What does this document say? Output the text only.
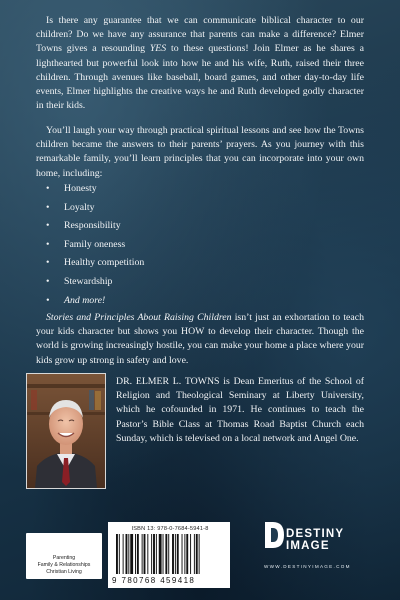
Is there any guarantee that we can communicate biblical character to our children? Do we have any assurance that parents can make a difference? Elmer Towns gives a resounding YES to these questions! Join Elmer as he shares a lighthearted but powerful look into how he and his wife, Ruth, raised their three children. Through avenues like baseball, board games, and other day-to-day life events, Elmer highlights the creative ways he and Ruth developed godly character in their kids.

You’ll laugh your way through practical spiritual lessons and see how the Towns children became the answers to their parents’ prayers. As you journey with this remarkable family, you’ll learn principles that you can incorporate into your own home, including:

• Honesty
• Loyalty
• Responsibility
• Family oneness
• Healthy competition
• Stewardship
• And more!

Stories and Principles About Raising Children isn’t just an exhortation to teach your kids character but shows you HOW to develop their character. Though the world is growing increasingly hostile, you can make your home a place where your kids grow up strong in safety and love.

DR. ELMER L. TOWNS is Dean Emeritus of the School of Religion and Theological Seminary at Liberty University, which he cofounded in 1971. He continues to teach the Pastor’s Bible Class at Thomas Road Baptist Church each Sunday, which is televised on a local network and Angel One.

Parenting
Family & Relationships
Christian Living
ISBN 13: 978-0-7684-5941-8
9 780768 459418
DESTINY
IMAGE
WWW.DESTINYIMAGE.COM
